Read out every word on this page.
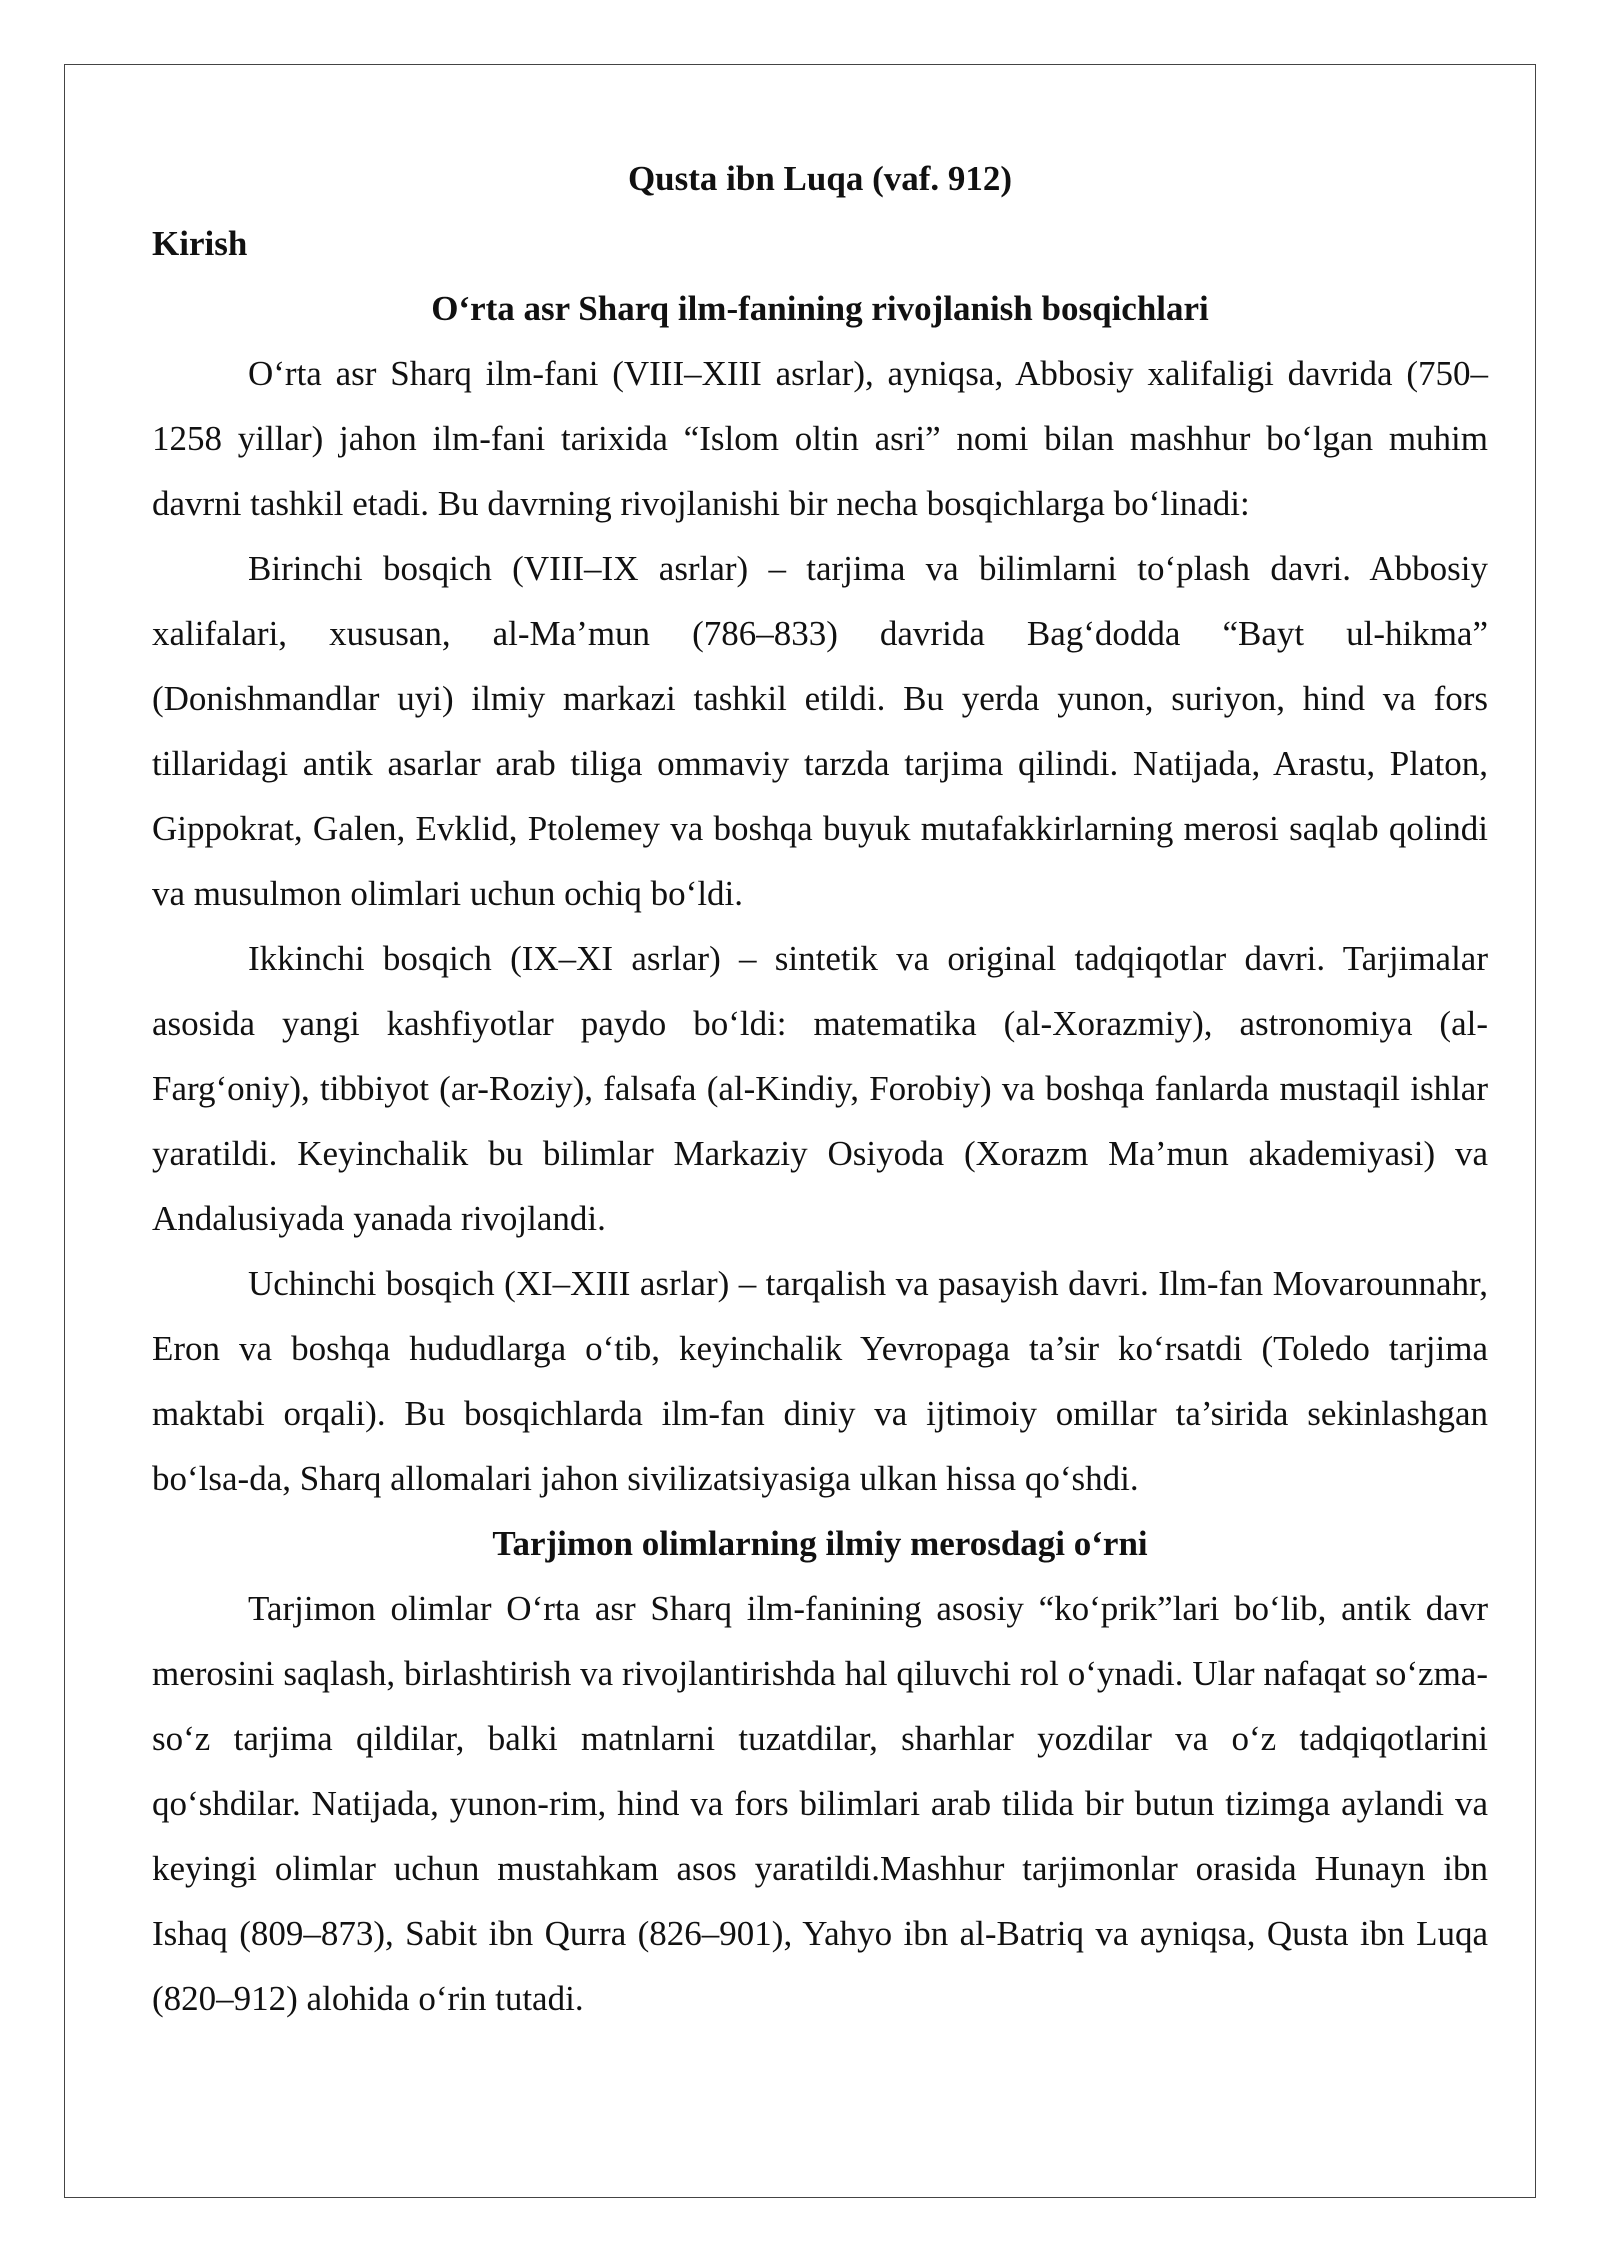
Qusta ibn Luqa (vaf. 912)

Kirish

O‘rta asr Sharq ilm-fanining rivojlanish bosqichlari

O‘rta asr Sharq ilm-fani (VIII–XIII asrlar), ayniqsa, Abbosiy xalifaligi davrida (750–1258 yillar) jahon ilm-fani tarixida “Islom oltin asri” nomi bilan mashhur bo‘lgan muhim davrni tashkil etadi. Bu davrning rivojlanishi bir necha bosqichlarga bo‘linadi:

Birinchi bosqich (VIII–IX asrlar) – tarjima va bilimlarni to‘plash davri. Abbosiy xalifalari, xususan, al-Ma’mun (786–833) davrida Bag‘dodda “Bayt ul-hikma” (Donishmandlar uyi) ilmiy markazi tashkil etildi. Bu yerda yunon, suriyon, hind va fors tillaridagi antik asarlar arab tiliga ommaviy tarzda tarjima qilindi. Natijada, Arastu, Platon, Gippokrat, Galen, Evklid, Ptolemey va boshqa buyuk mutafakkirlarning merosi saqlab qolindi va musulmon olimlari uchun ochiq bo‘ldi.

Ikkinchi bosqich (IX–XI asrlar) – sintetik va original tadqiqotlar davri. Tarjimalar asosida yangi kashfiyotlar paydo bo‘ldi: matematika (al-Xorazmiy), astronomiya (al-Farg‘oniy), tibbiyot (ar-Roziy), falsafa (al-Kindiy, Forobiy) va boshqa fanlarda mustaqil ishlar yaratildi. Keyinchalik bu bilimlar Markaziy Osiyoda (Xorazm Ma’mun akademiyasi) va Andalusiyada yanada rivojlandi.

Uchinchi bosqich (XI–XIII asrlar) – tarqalish va pasayish davri. Ilm-fan Movarounnahr, Eron va boshqa hududlarga o‘tib, keyinchalik Yevropaga ta’sir ko‘rsatdi (Toledo tarjima maktabi orqali). Bu bosqichlarda ilm-fan diniy va ijtimoiy omillar ta’sirida sekinlashgan bo‘lsa-da, Sharq allomalari jahon sivilizatsiyasiga ulkan hissa qo‘shdi.

Tarjimon olimlarning ilmiy merosdagi o‘rni

Tarjimon olimlar O‘rta asr Sharq ilm-fanining asosiy “ko‘prik”lari bo‘lib, antik davr merosini saqlash, birlashtirish va rivojlantirishda hal qiluvchi rol o‘ynadi. Ular nafaqat so‘zma-so‘z tarjima qildilar, balki matnlarni tuzatdilar, sharhlar yozdilar va o‘z tadqiqotlarini qo‘shdilar. Natijada, yunon-rim, hind va fors bilimlari arab tilida bir butun tizimga aylandi va keyingi olimlar uchun mustahkam asos yaratildi.Mashhur tarjimonlar orasida Hunayn ibn Ishaq (809–873), Sabit ibn Qurra (826–901), Yahyo ibn al-Batriq va ayniqsa, Qusta ibn Luqa (820–912) alohida o‘rin tutadi.
